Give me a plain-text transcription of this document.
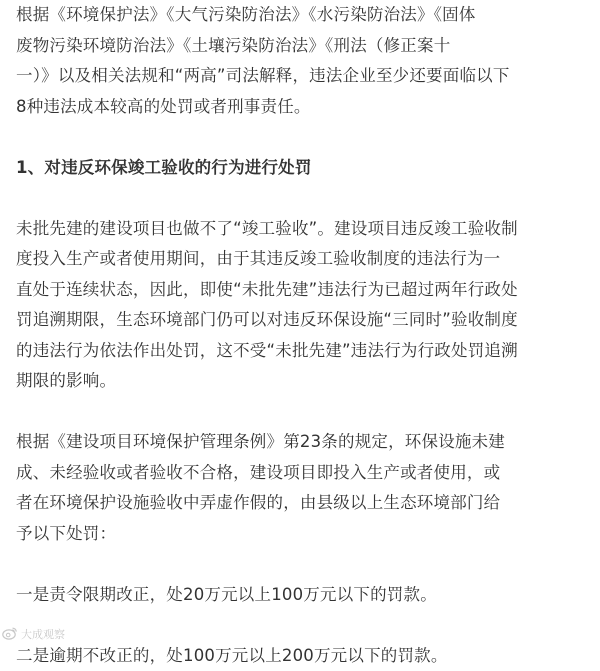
根据《环境保护法》《大气污染防治法》《水污染防治法》《固体
废物污染环境防治法》《土壤污染防治法》《刑法（修正案十
一）》以及相关法规和“两高”司法解释，违法企业至少还要面临以下
8种违法成本较高的处罚或者刑事责任。

1、对违反环保竣工验收的行为进行处罚

未批先建的建设项目也做不了“竣工验收”。建设项目违反竣工验收制
度投入生产或者使用期间，由于其违反竣工验收制度的违法行为一
直处于连续状态，因此，即使“未批先建”违法行为已超过两年行政处
罚追溯期限，生态环境部门仍可以对违反环保设施“三同时”验收制度
的违法行为依法作出处罚，这不受“未批先建”违法行为行政处罚追溯
期限的影响。

根据《建设项目环境保护管理条例》第23条的规定，环保设施未建
成、未经验收或者验收不合格，建设项目即投入生产或者使用，或
者在环境保护设施验收中弄虚作假的，由县级以上生态环境部门给
予以下处罚：

一是责令限期改正，处20万元以上100万元以下的罚款。

二是逾期不改正的，处100万元以上200万元以下的罚款。

大成观察
